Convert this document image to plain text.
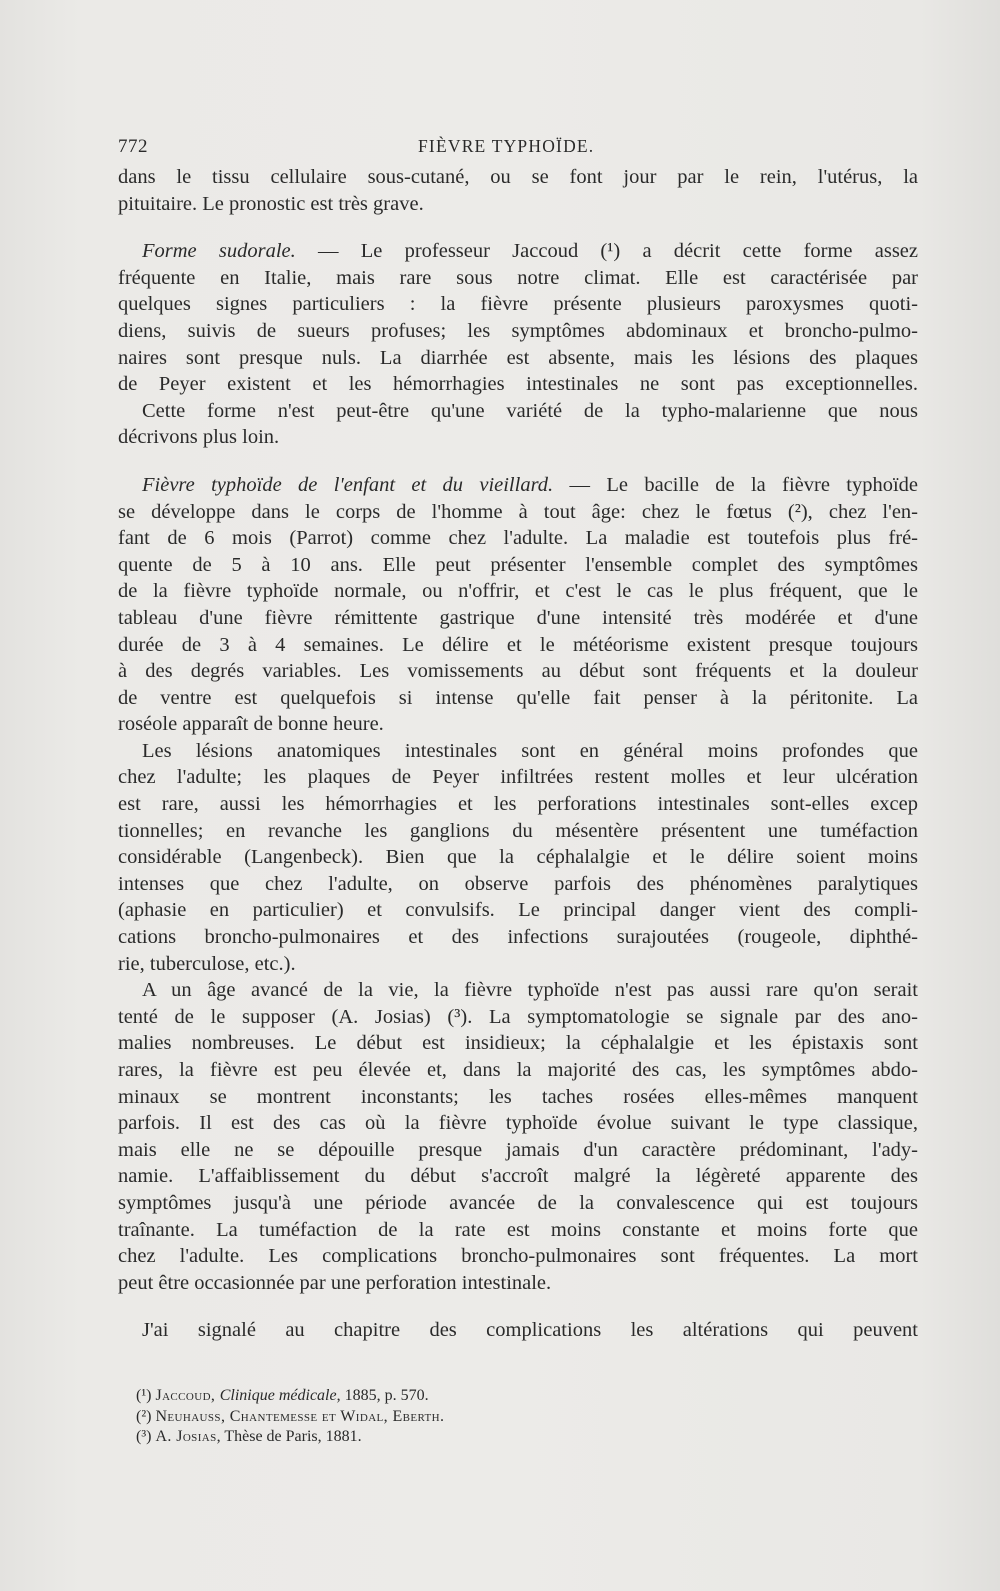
772	FIÈVRE TYPHOÏDE.
dans le tissu cellulaire sous-cutané, ou se font jour par le rein, l'utérus, la
pituitaire. Le pronostic est très grave.
Forme sudorale. — Le professeur Jaccoud (¹) a décrit cette forme assez
fréquente en Italie, mais rare sous notre climat. Elle est caractérisée par
quelques signes particuliers : la fièvre présente plusieurs paroxysmes quoti-
diens, suivis de sueurs profuses; les symptômes abdominaux et broncho-pulmo-
naires sont presque nuls. La diarrhée est absente, mais les lésions des plaques
de Peyer existent et les hémorrhagies intestinales ne sont pas exceptionnelles.
Cette forme n'est peut-être qu'une variété de la typho-malarienne que nous
décrivons plus loin.
Fièvre typhoïde de l'enfant et du vieillard. — Le bacille de la fièvre typhoïde
se développe dans le corps de l'homme à tout âge: chez le fœtus (²), chez l'en-
fant de 6 mois (Parrot) comme chez l'adulte. La maladie est toutefois plus fré-
quente de 5 à 10 ans. Elle peut présenter l'ensemble complet des symptômes
de la fièvre typhoïde normale, ou n'offrir, et c'est le cas le plus fréquent, que le
tableau d'une fièvre rémittente gastrique d'une intensité très modérée et d'une
durée de 3 à 4 semaines. Le délire et le météorisme existent presque toujours
à des degrés variables. Les vomissements au début sont fréquents et la douleur
de ventre est quelquefois si intense qu'elle fait penser à la péritonite. La
roséole apparaît de bonne heure.
Les lésions anatomiques intestinales sont en général moins profondes que
chez l'adulte; les plaques de Peyer infiltrées restent molles et leur ulcération
est rare, aussi les hémorrhagies et les perforations intestinales sont-elles excep
tionnelles; en revanche les ganglions du mésentère présentent une tuméfaction
considérable (Langenbeck). Bien que la céphalalgie et le délire soient moins
intenses que chez l'adulte, on observe parfois des phénomènes paralytiques
(aphasie en particulier) et convulsifs. Le principal danger vient des compli-
cations broncho-pulmonaires et des infections surajoutées (rougeole, diphthé-
rie, tuberculose, etc.).
A un âge avancé de la vie, la fièvre typhoïde n'est pas aussi rare qu'on serait
tenté de le supposer (A. Josias) (³). La symptomatologie se signale par des ano-
malies nombreuses. Le début est insidieux; la céphalalgie et les épistaxis sont
rares, la fièvre est peu élevée et, dans la majorité des cas, les symptômes abdo-
minaux se montrent inconstants; les taches rosées elles-mêmes manquent
parfois. Il est des cas où la fièvre typhoïde évolue suivant le type classique,
mais elle ne se dépouille presque jamais d'un caractère prédominant, l'ady-
namie. L'affaiblissement du début s'accroît malgré la légèreté apparente des
symptômes jusqu'à une période avancée de la convalescence qui est toujours
traînante. La tuméfaction de la rate est moins constante et moins forte que
chez l'adulte. Les complications broncho-pulmonaires sont fréquentes. La mort
peut être occasionnée par une perforation intestinale.
J'ai signalé au chapitre des complications les altérations qui peuvent
(¹) Jaccoud, Clinique médicale, 1885, p. 570.
(²) Neuhauss, Chantemesse et Widal, Eberth.
(³) A. Josias, Thèse de Paris, 1881.
